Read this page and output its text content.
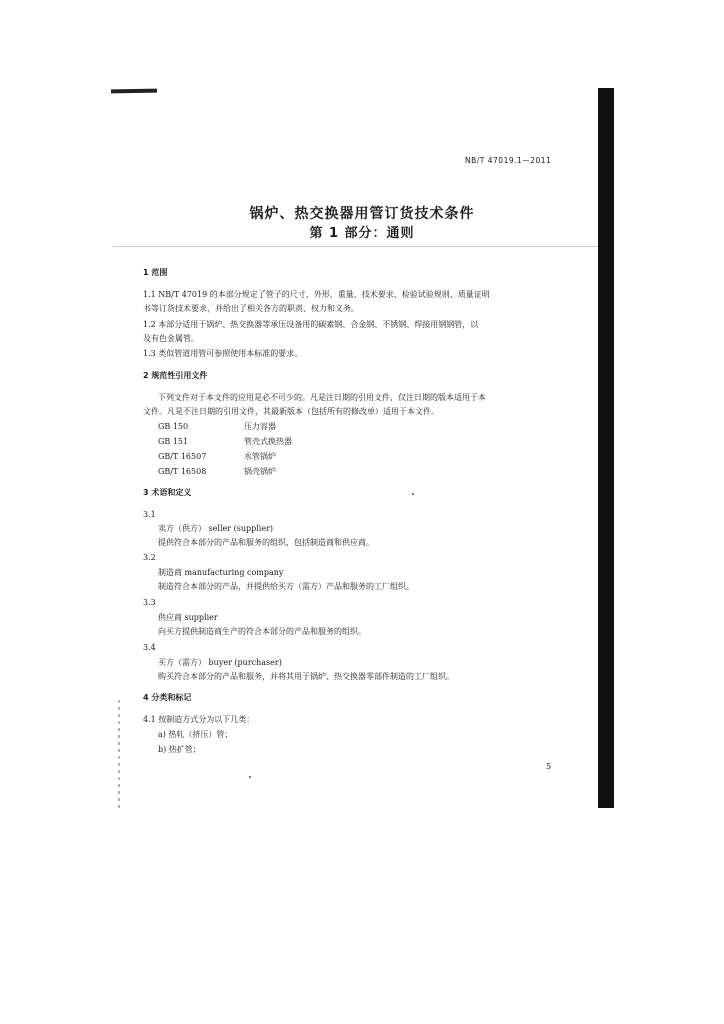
NB/T 47019.1—2011
锅炉、热交换器用管订货技术条件
第 1 部分：通则
1 范围
1.1 NB/T 47019 的本部分规定了管子的尺寸、外形、重量、技术要求、检验试验规则、质量证明
书等订货技术要求，并给出了相关各方的职责、权力和义务。
1.2 本部分适用于锅炉、热交换器等承压设备用的碳素钢、合金钢、不锈钢、焊接用钢钢管，以
及有色金属管。
1.3 类似管道用管可参照使用本标准的要求。
2 规范性引用文件
下列文件对于本文件的应用是必不可少的。凡是注日期的引用文件，仅注日期的版本适用于本
文件。凡是不注日期的引用文件，其最新版本（包括所有的修改单）适用于本文件。
GB 150	压力容器
GB 151	管壳式换热器
GB/T 16507	水管锅炉
GB/T 16508	锅壳锅炉
3 术语和定义
3.1
卖方（供方） seller (supplier)
提供符合本部分的产品和服务的组织，包括制造商和供应商。
3.2
制造商 manufacturing company
制造符合本部分的产品，并提供给买方（需方）产品和服务的工厂组织。
3.3
供应商 supplier
向买方提供制造商生产的符合本部分的产品和服务的组织。
3.4
买方（需方） buyer (purchaser)
购买符合本部分的产品和服务，并将其用于锅炉、热交换器零部件制造的工厂组织。
4 分类和标记
4.1 按制造方式分为以下几类：
a) 热轧（挤压）管；
b) 热扩管；
5
